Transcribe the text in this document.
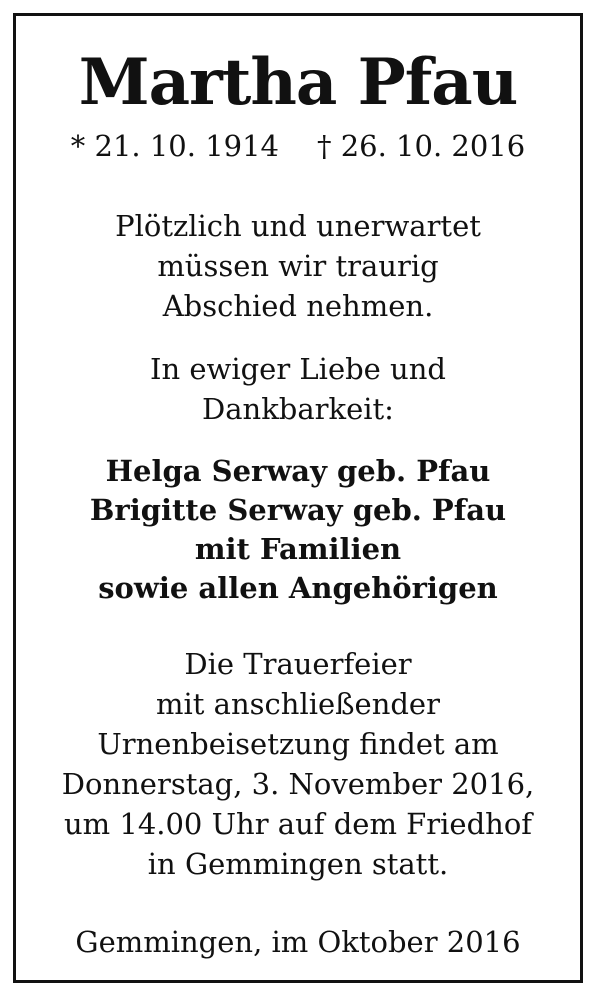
Martha Pfau
* 21. 10. 1914 † 26. 10. 2016
Plötzlich und unerwartet
müssen wir traurig
Abschied nehmen.
In ewiger Liebe und
Dankbarkeit:
Helga Serway geb. Pfau
Brigitte Serway geb. Pfau
mit Familien
sowie allen Angehörigen
Die Trauerfeier
mit anschließender
Urnenbeisetzung findet am
Donnerstag, 3. November 2016,
um 14.00 Uhr auf dem Friedhof
in Gemmingen statt.
Gemmingen, im Oktober 2016
